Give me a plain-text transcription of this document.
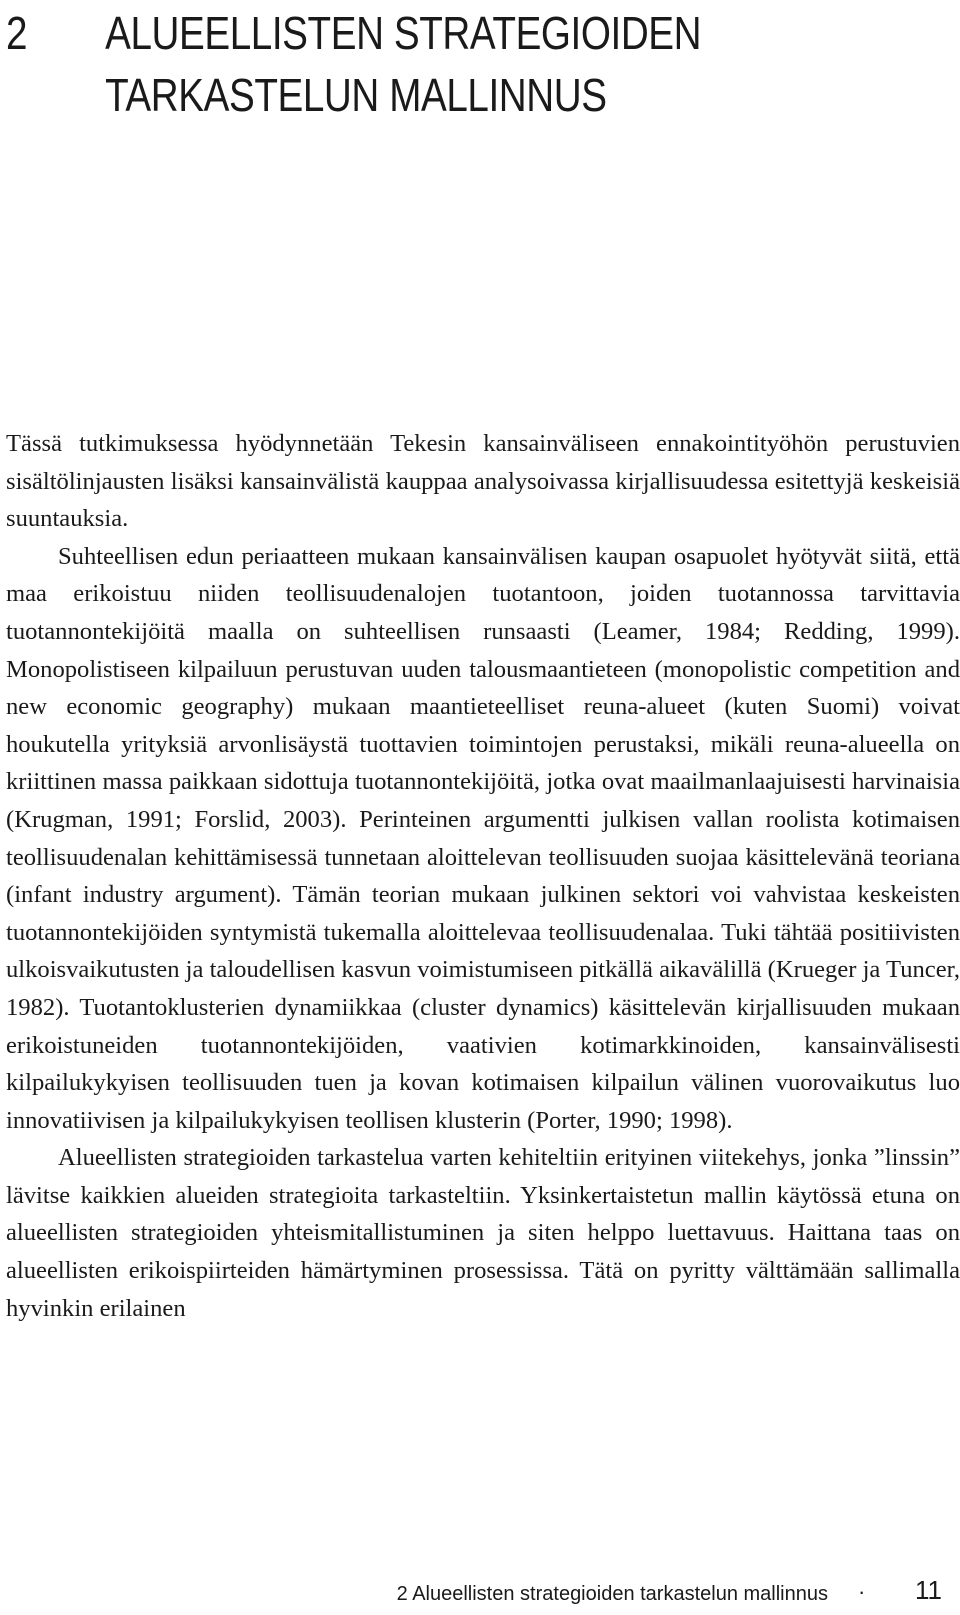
2 ALUEELLISTEN STRATEGIOIDEN
TARKASTELUN MALLINNUS

Tässä tutkimuksessa hyödynnetään Tekesin kansainväliseen ennakointityöhön perustuvien sisältölinjausten lisäksi kansainvälistä kauppaa analysoivassa kirjallisuudessa esitettyjä keskeisiä suuntauksia.

Suhteellisen edun periaatteen mukaan kansainvälisen kaupan osapuolet hyötyvät siitä, että maa erikoistuu niiden teollisuudenalojen tuotantoon, joiden tuotannossa tarvittavia tuotannontekijöitä maalla on suhteellisen runsaasti (Leamer, 1984; Redding, 1999). Monopolistiseen kilpailuun perustuvan uuden talousmaantieteen (monopolistic competition and new economic geography) mukaan maantieteelliset reuna-alueet (kuten Suomi) voivat houkutella yrityksiä arvonlisäystä tuottavien toimintojen perustaksi, mikäli reuna-alueella on kriittinen massa paikkaan sidottuja tuotannontekijöitä, jotka ovat maailmanlaajuisesti harvinaisia (Krugman, 1991; Forslid, 2003). Perinteinen argumentti julkisen vallan roolista kotimaisen teollisuudenalan kehittämisessä tunnetaan aloittelevan teollisuuden suojaa käsittelevänä teoriana (infant industry argument). Tämän teorian mukaan julkinen sektori voi vahvistaa keskeisten tuotannontekijöiden syntymistä tukemalla aloittelevaa teollisuudenalaa. Tuki tähtää positiivisten ulkoisvaikutusten ja taloudellisen kasvun voimistumiseen pitkällä aikavälillä (Krueger ja Tuncer, 1982). Tuotantoklusterien dynamiikkaa (cluster dynamics) käsittelevän kirjallisuuden mukaan erikoistuneiden tuotannontekijöiden, vaativien kotimarkkinoiden, kansainvälisesti kilpailukykyisen teollisuuden tuen ja kovan kotimaisen kilpailun välinen vuorovaikutus luo innovatiivisen ja kilpailukykyisen teollisen klusterin (Porter, 1990; 1998).

Alueellisten strategioiden tarkastelua varten kehiteltiin erityinen viitekehys, jonka ”linssin” lävitse kaikkien alueiden strategioita tarkasteltiin. Yksinkertaistetun mallin käytössä etuna on alueellisten strategioiden yhteismitallistuminen ja siten helppo luettavuus. Haittana taas on alueellisten erikoispiirteiden hämärtyminen prosessissa. Tätä on pyritty välttämään sallimalla hyvinkin erilainen

2 Alueellisten strategioiden tarkastelun mallinnus · 11
